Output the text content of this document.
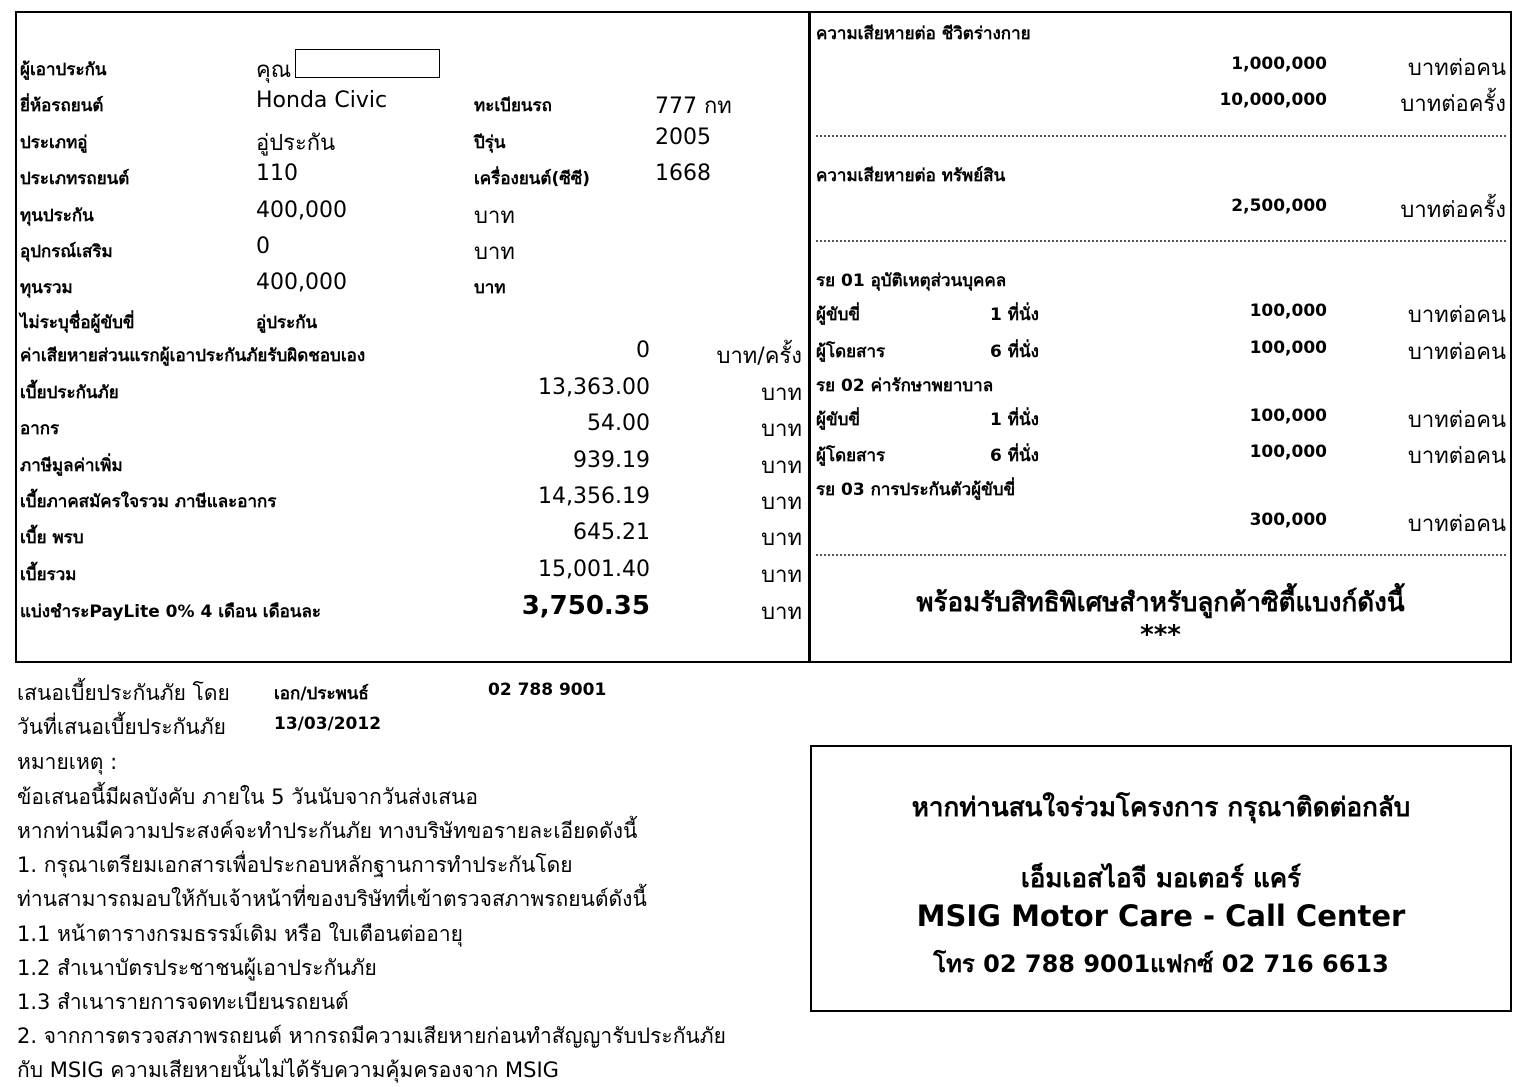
ผู้เอาประกัน	คุณ
ยี่ห้อรถยนต์	Honda Civic	ทะเบียนรถ	777 กท
ประเภทอู่	อู่ประกัน	ปีรุ่น	2005
ประเภทรถยนต์	110	เครื่องยนต์(ซีซี)	1668
ทุนประกัน	400,000	บาท
อุปกรณ์เสริม	0	บาท
ทุนรวม	400,000	บาท
ไม่ระบุชื่อผู้ขับขี่	อู่ประกัน
ค่าเสียหายส่วนแรกผู้เอาประกันภัยรับผิดชอบเอง	0	บาท/ครั้ง
เบี้ยประกันภัย	13,363.00	บาท
อากร	54.00	บาท
ภาษีมูลค่าเพิ่ม	939.19	บาท
เบี้ยภาคสมัครใจรวม ภาษีและอากร	14,356.19	บาท
เบี้ย พรบ	645.21	บาท
เบี้ยรวม	15,001.40	บาท
แบ่งชำระPayLite 0% 4 เดือน เดือนละ	3,750.35	บาท
ความเสียหายต่อ ชีวิตร่างกาย
1,000,000	บาทต่อคน
10,000,000	บาทต่อครั้ง
ความเสียหายต่อ ทรัพย์สิน
2,500,000	บาทต่อครั้ง
รย 01 อุบัติเหตุส่วนบุคคล
ผู้ขับขี่	1 ที่นั่ง	100,000	บาทต่อคน
ผู้โดยสาร	6 ที่นั่ง	100,000	บาทต่อคน
รย 02 ค่ารักษาพยาบาล
ผู้ขับขี่	1 ที่นั่ง	100,000	บาทต่อคน
ผู้โดยสาร	6 ที่นั่ง	100,000	บาทต่อคน
รย 03 การประกันตัวผู้ขับขี่
300,000	บาทต่อคน
พร้อมรับสิทธิพิเศษสำหรับลูกค้าซิตี้แบงก์ดังนี้
***
เสนอเบี้ยประกันภัย โดย	เอก/ประพนธ์	02 788 9001
วันที่เสนอเบี้ยประกันภัย	13/03/2012
หมายเหตุ :
ข้อเสนอนี้มีผลบังคับ ภายใน 5 วันนับจากวันส่งเสนอ
หากท่านมีความประสงค์จะทำประกันภัย ทางบริษัทขอรายละเอียดดังนี้
1. กรุณาเตรียมเอกสารเพื่อประกอบหลักฐานการทำประกันโดย
ท่านสามารถมอบให้กับเจ้าหน้าที่ของบริษัทที่เข้าตรวจสภาพรถยนต์ดังนี้
1.1 หน้าตารางกรมธรรม์เดิม หรือ ใบเตือนต่ออายุ
1.2 สำเนาบัตรประชาชนผู้เอาประกันภัย
1.3 สำเนารายการจดทะเบียนรถยนต์
2. จากการตรวจสภาพรถยนต์ หากรถมีความเสียหายก่อนทำสัญญารับประกันภัย
กับ MSIG ความเสียหายนั้นไม่ได้รับความคุ้มครองจาก MSIG
หากท่านสนใจร่วมโครงการ กรุณาติดต่อกลับ
เอ็มเอสไอจี มอเตอร์ แคร์
MSIG Motor Care - Call Center
โทร 02 788 9001แฟกซ์ 02 716 6613
